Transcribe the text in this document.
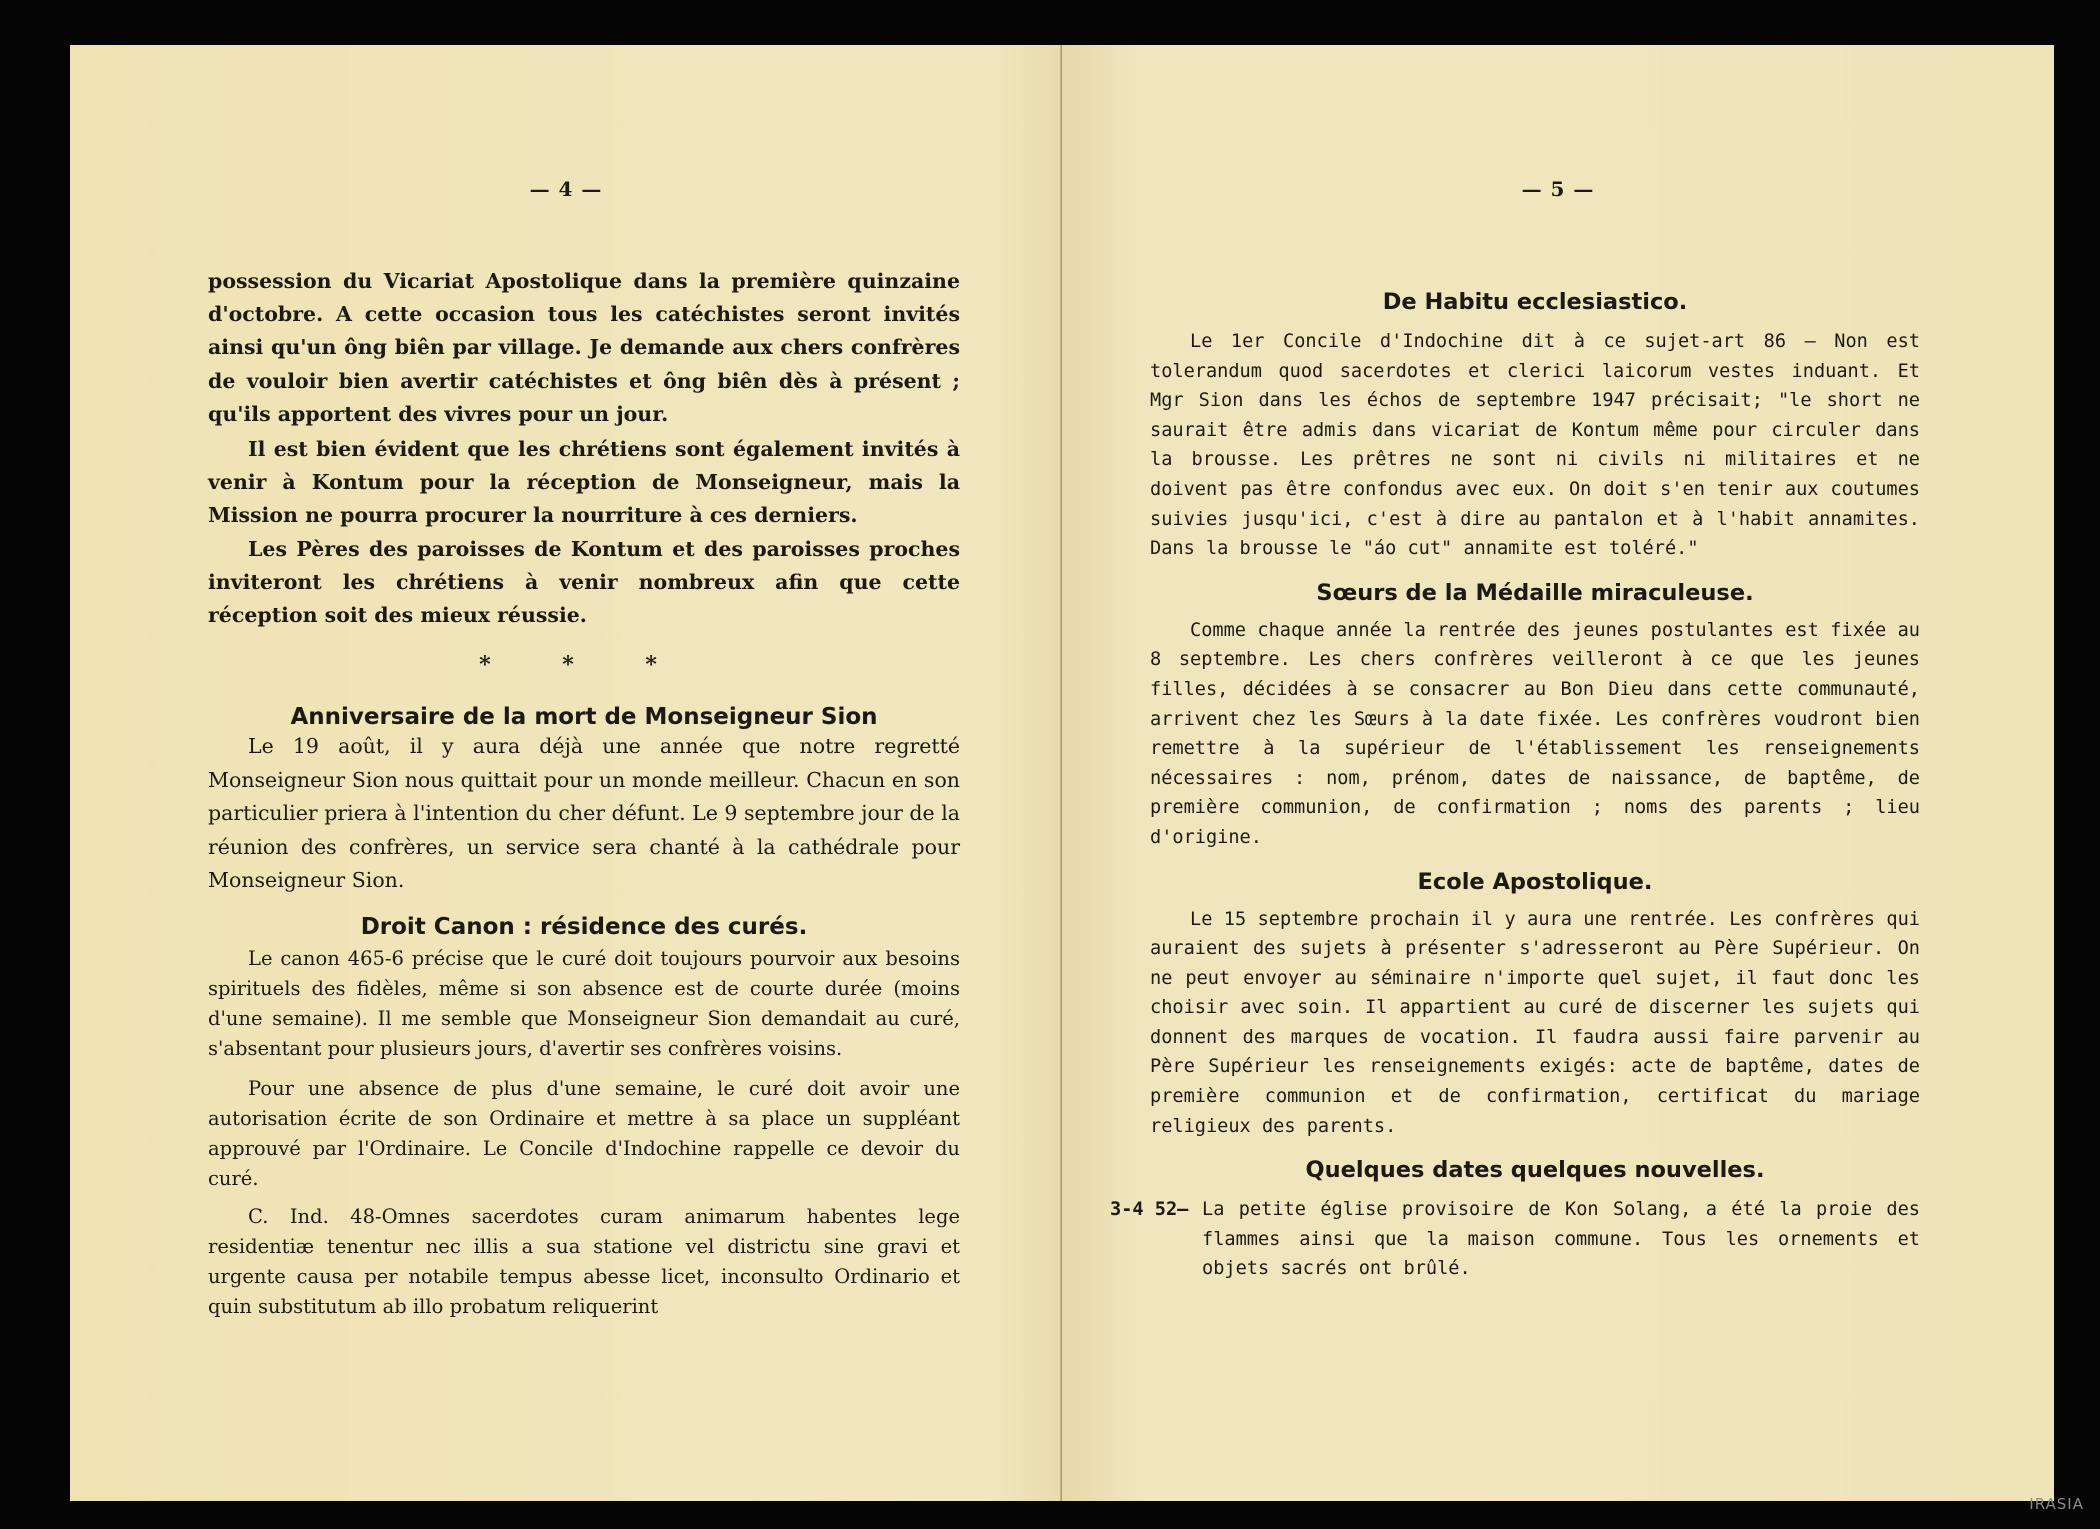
— 4 —

possession du Vicariat Apostolique dans la première quinzaine d'octobre. A cette occasion tous les catéchistes seront invités ainsi qu'un ông biên par village. Je demande aux chers confrères de vouloir bien avertir catéchistes et ông biên dès à présent ; qu'ils apportent des vivres pour un jour.

Il est bien évident que les chrétiens sont également invités à venir à Kontum pour la réception de Monseigneur, mais la Mission ne pourra procurer la nourriture à ces derniers.

Les Pères des paroisses de Kontum et des paroisses proches inviteront les chrétiens à venir nombreux afin que cette réception soit des mieux réussie.

* * *
Anniversaire de la mort de Monseigneur Sion

Le 19 août, il y aura déjà une année que notre regretté Monseigneur Sion nous quittait pour un monde meilleur. Chacun en son particulier priera à l'intention du cher défunt. Le 9 septembre jour de la réunion des confrères, un service sera chanté à la cathédrale pour Monseigneur Sion.

Droit Canon : résidence des curés.

Le canon 465-6 précise que le curé doit toujours pourvoir aux besoins spirituels des fidèles, même si son absence est de courte durée (moins d'une semaine). Il me semble que Monseigneur Sion demandait au curé, s'absentant pour plusieurs jours, d'avertir ses confrères voisins.

Pour une absence de plus d'une semaine, le curé doit avoir une autorisation écrite de son Ordinaire et mettre à sa place un suppléant approuvé par l'Ordinaire. Le Concile d'Indochine rappelle ce devoir du curé.

C. Ind. 48-Omnes sacerdotes curam animarum habentes lege residentiæ tenentur nec illis a sua statione vel districtu sine gravi et urgente causa per notabile tempus abesse licet, inconsulto Ordinario et quin substitutum ab illo probatum reliquerint

— 5 —
De Habitu ecclesiastico.

Le 1er Concile d'Indochine dit à ce sujet-art 86 — Non est tolerandum quod sacerdotes et clerici laicorum vestes induant. Et Mgr Sion dans les échos de septembre 1947 précisait; "le short ne saurait être admis dans vicariat de Kontum même pour circuler dans la brousse. Les prêtres ne sont ni civils ni militaires et ne doivent pas être confondus avec eux. On doit s'en tenir aux coutumes suivies jusqu'ici, c'est à dire au pantalon et à l'habit annamites. Dans la brousse le "áo cut" annamite est toléré."

Sœurs de la Médaille miraculeuse.

Comme chaque année la rentrée des jeunes postulantes est fixée au 8 septembre. Les chers confrères veilleront à ce que les jeunes filles, décidées à se consacrer au Bon Dieu dans cette communauté, arrivent chez les Sœurs à la date fixée. Les confrères voudront bien remettre à la supérieur de l'établissement les renseignements nécessaires : nom, prénom, dates de naissance, de baptême, de première communion, de confirmation ; noms des parents ; lieu d'origine.

Ecole Apostolique.

Le 15 septembre prochain il y aura une rentrée. Les confrères qui auraient des sujets à présenter s'adresseront au Père Supérieur. On ne peut envoyer au séminaire n'importe quel sujet, il faut donc les choisir avec soin. Il appartient au curé de discerner les sujets qui donnent des marques de vocation. Il faudra aussi faire parvenir au Père Supérieur les renseignements exigés: acte de baptême, dates de première communion et de confirmation, certificat du mariage religieux des parents.

Quelques dates quelques nouvelles.

3-4 52— La petite église provisoire de Kon Solang, a été la proie des flammes ainsi que la maison commune. Tous les ornements et objets sacrés ont brûlé.

IRASIA
